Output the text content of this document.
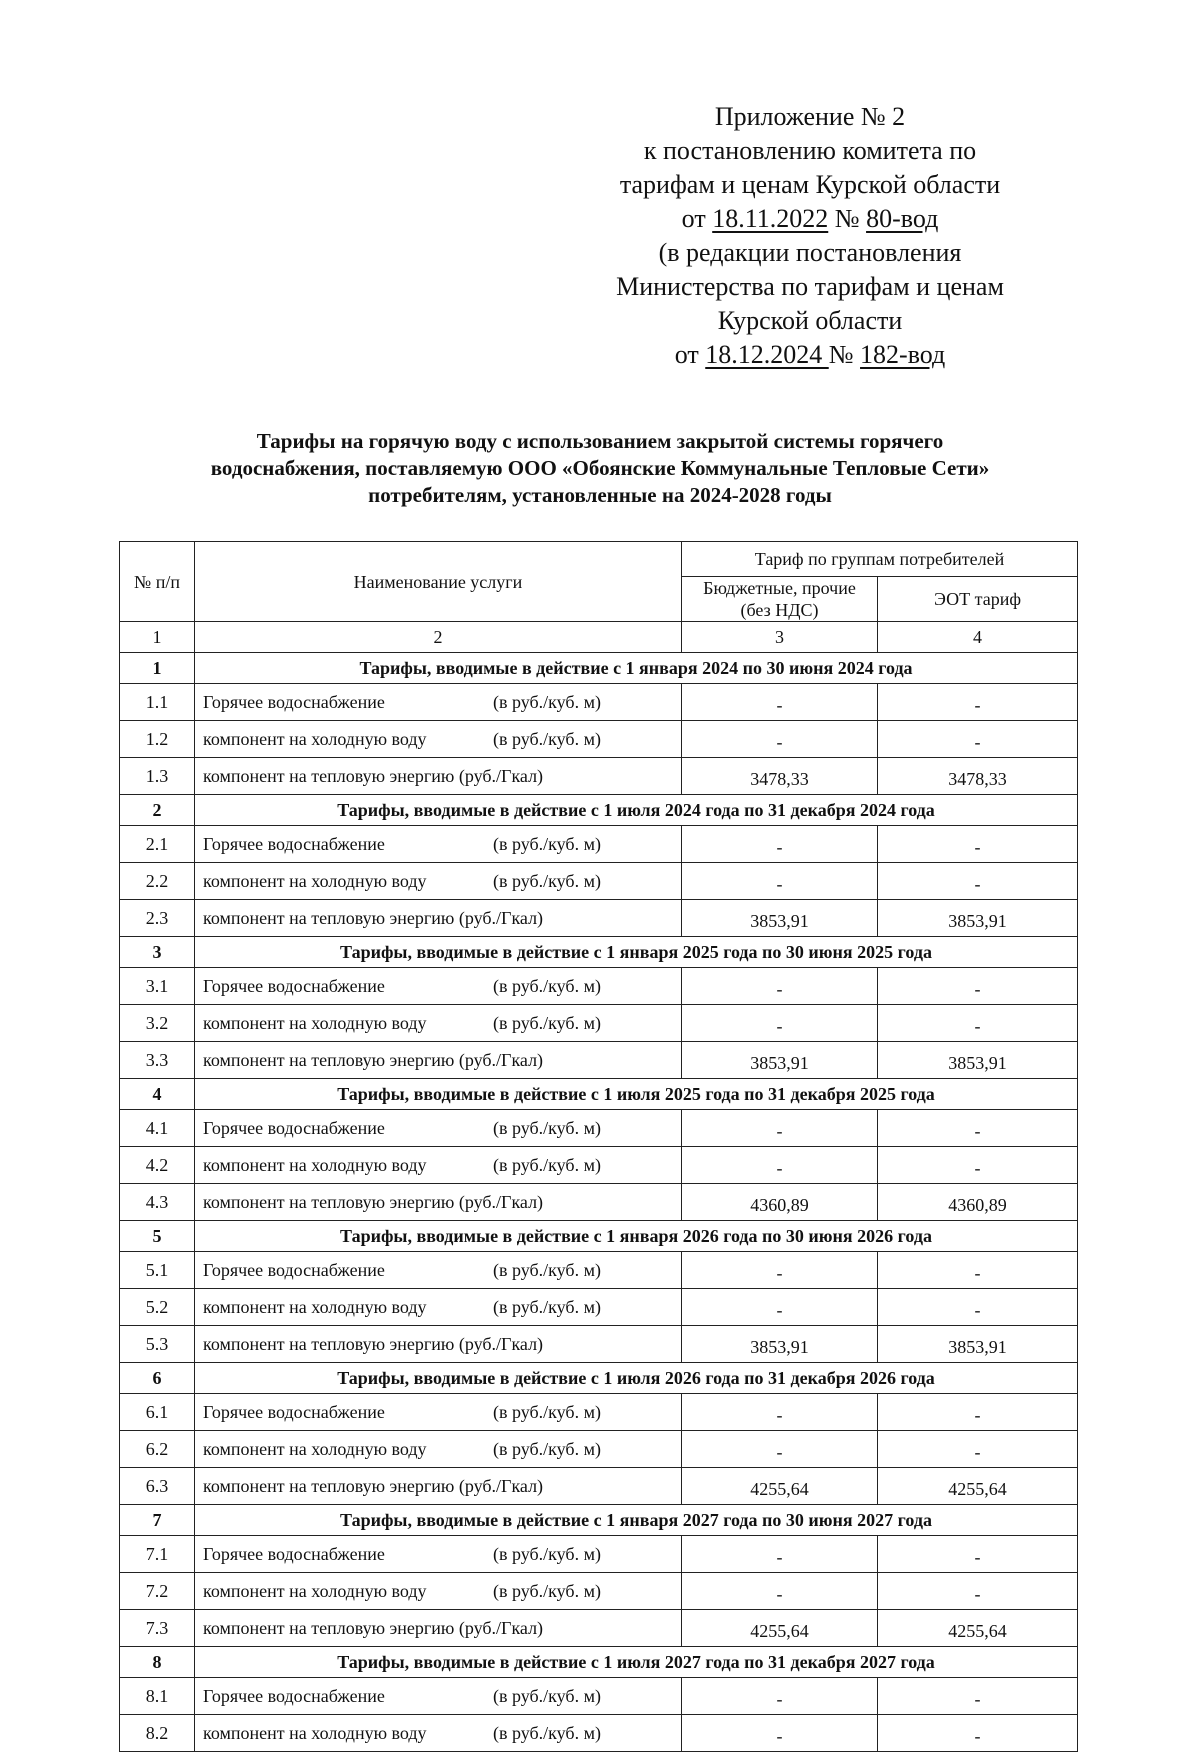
Приложение № 2
к постановлению комитета по
тарифам и ценам Курской области
от 18.11.2022 № 80-вод
(в редакции постановления
Министерства по тарифам и ценам
Курской области
от 18.12.2024 № 182-вод
Тарифы на горячую воду с использованием закрытой системы горячего
водоснабжения, поставляемую ООО «Обоянские Коммунальные Тепловые Сети»
потребителям, установленные на 2024-2028 годы
№ п/п	Наименование услуги	Тариф по группам потребителей	
		Бюджетные, прочие (без НДС)	ЭОТ тариф
1	2	3	4
1	Тарифы, вводимые в действие с 1 января 2024 по 30 июня 2024 года		
1.1	Горячее водоснабжение (в руб./куб. м)	-	-
1.2	компонент на холодную воду (в руб./куб. м)	-	-
1.3	компонент на тепловую энергию (руб./Гкал)	3478,33	3478,33
2	Тарифы, вводимые в действие с 1 июля 2024 года по 31 декабря 2024 года		
2.1	Горячее водоснабжение (в руб./куб. м)	-	-
2.2	компонент на холодную воду (в руб./куб. м)	-	-
2.3	компонент на тепловую энергию (руб./Гкал)	3853,91	3853,91
3	Тарифы, вводимые в действие с 1 января 2025 года по 30 июня 2025 года		
3.1	Горячее водоснабжение (в руб./куб. м)	-	-
3.2	компонент на холодную воду (в руб./куб. м)	-	-
3.3	компонент на тепловую энергию (руб./Гкал)	3853,91	3853,91
4	Тарифы, вводимые в действие с 1 июля 2025 года по 31 декабря 2025 года		
4.1	Горячее водоснабжение (в руб./куб. м)	-	-
4.2	компонент на холодную воду (в руб./куб. м)	-	-
4.3	компонент на тепловую энергию (руб./Гкал)	4360,89	4360,89
5	Тарифы, вводимые в действие с 1 января 2026 года по 30 июня 2026 года		
5.1	Горячее водоснабжение (в руб./куб. м)	-	-
5.2	компонент на холодную воду (в руб./куб. м)	-	-
5.3	компонент на тепловую энергию (руб./Гкал)	3853,91	3853,91
6	Тарифы, вводимые в действие с 1 июля 2026 года по 31 декабря 2026 года		
6.1	Горячее водоснабжение (в руб./куб. м)	-	-
6.2	компонент на холодную воду (в руб./куб. м)	-	-
6.3	компонент на тепловую энергию (руб./Гкал)	4255,64	4255,64
7	Тарифы, вводимые в действие с 1 января 2027 года по 30 июня 2027 года		
7.1	Горячее водоснабжение (в руб./куб. м)	-	-
7.2	компонент на холодную воду (в руб./куб. м)	-	-
7.3	компонент на тепловую энергию (руб./Гкал)	4255,64	4255,64
8	Тарифы, вводимые в действие с 1 июля 2027 года по 31 декабря 2027 года		
8.1	Горячее водоснабжение (в руб./куб. м)	-	-
8.2	компонент на холодную воду (в руб./куб. м)	-	-
